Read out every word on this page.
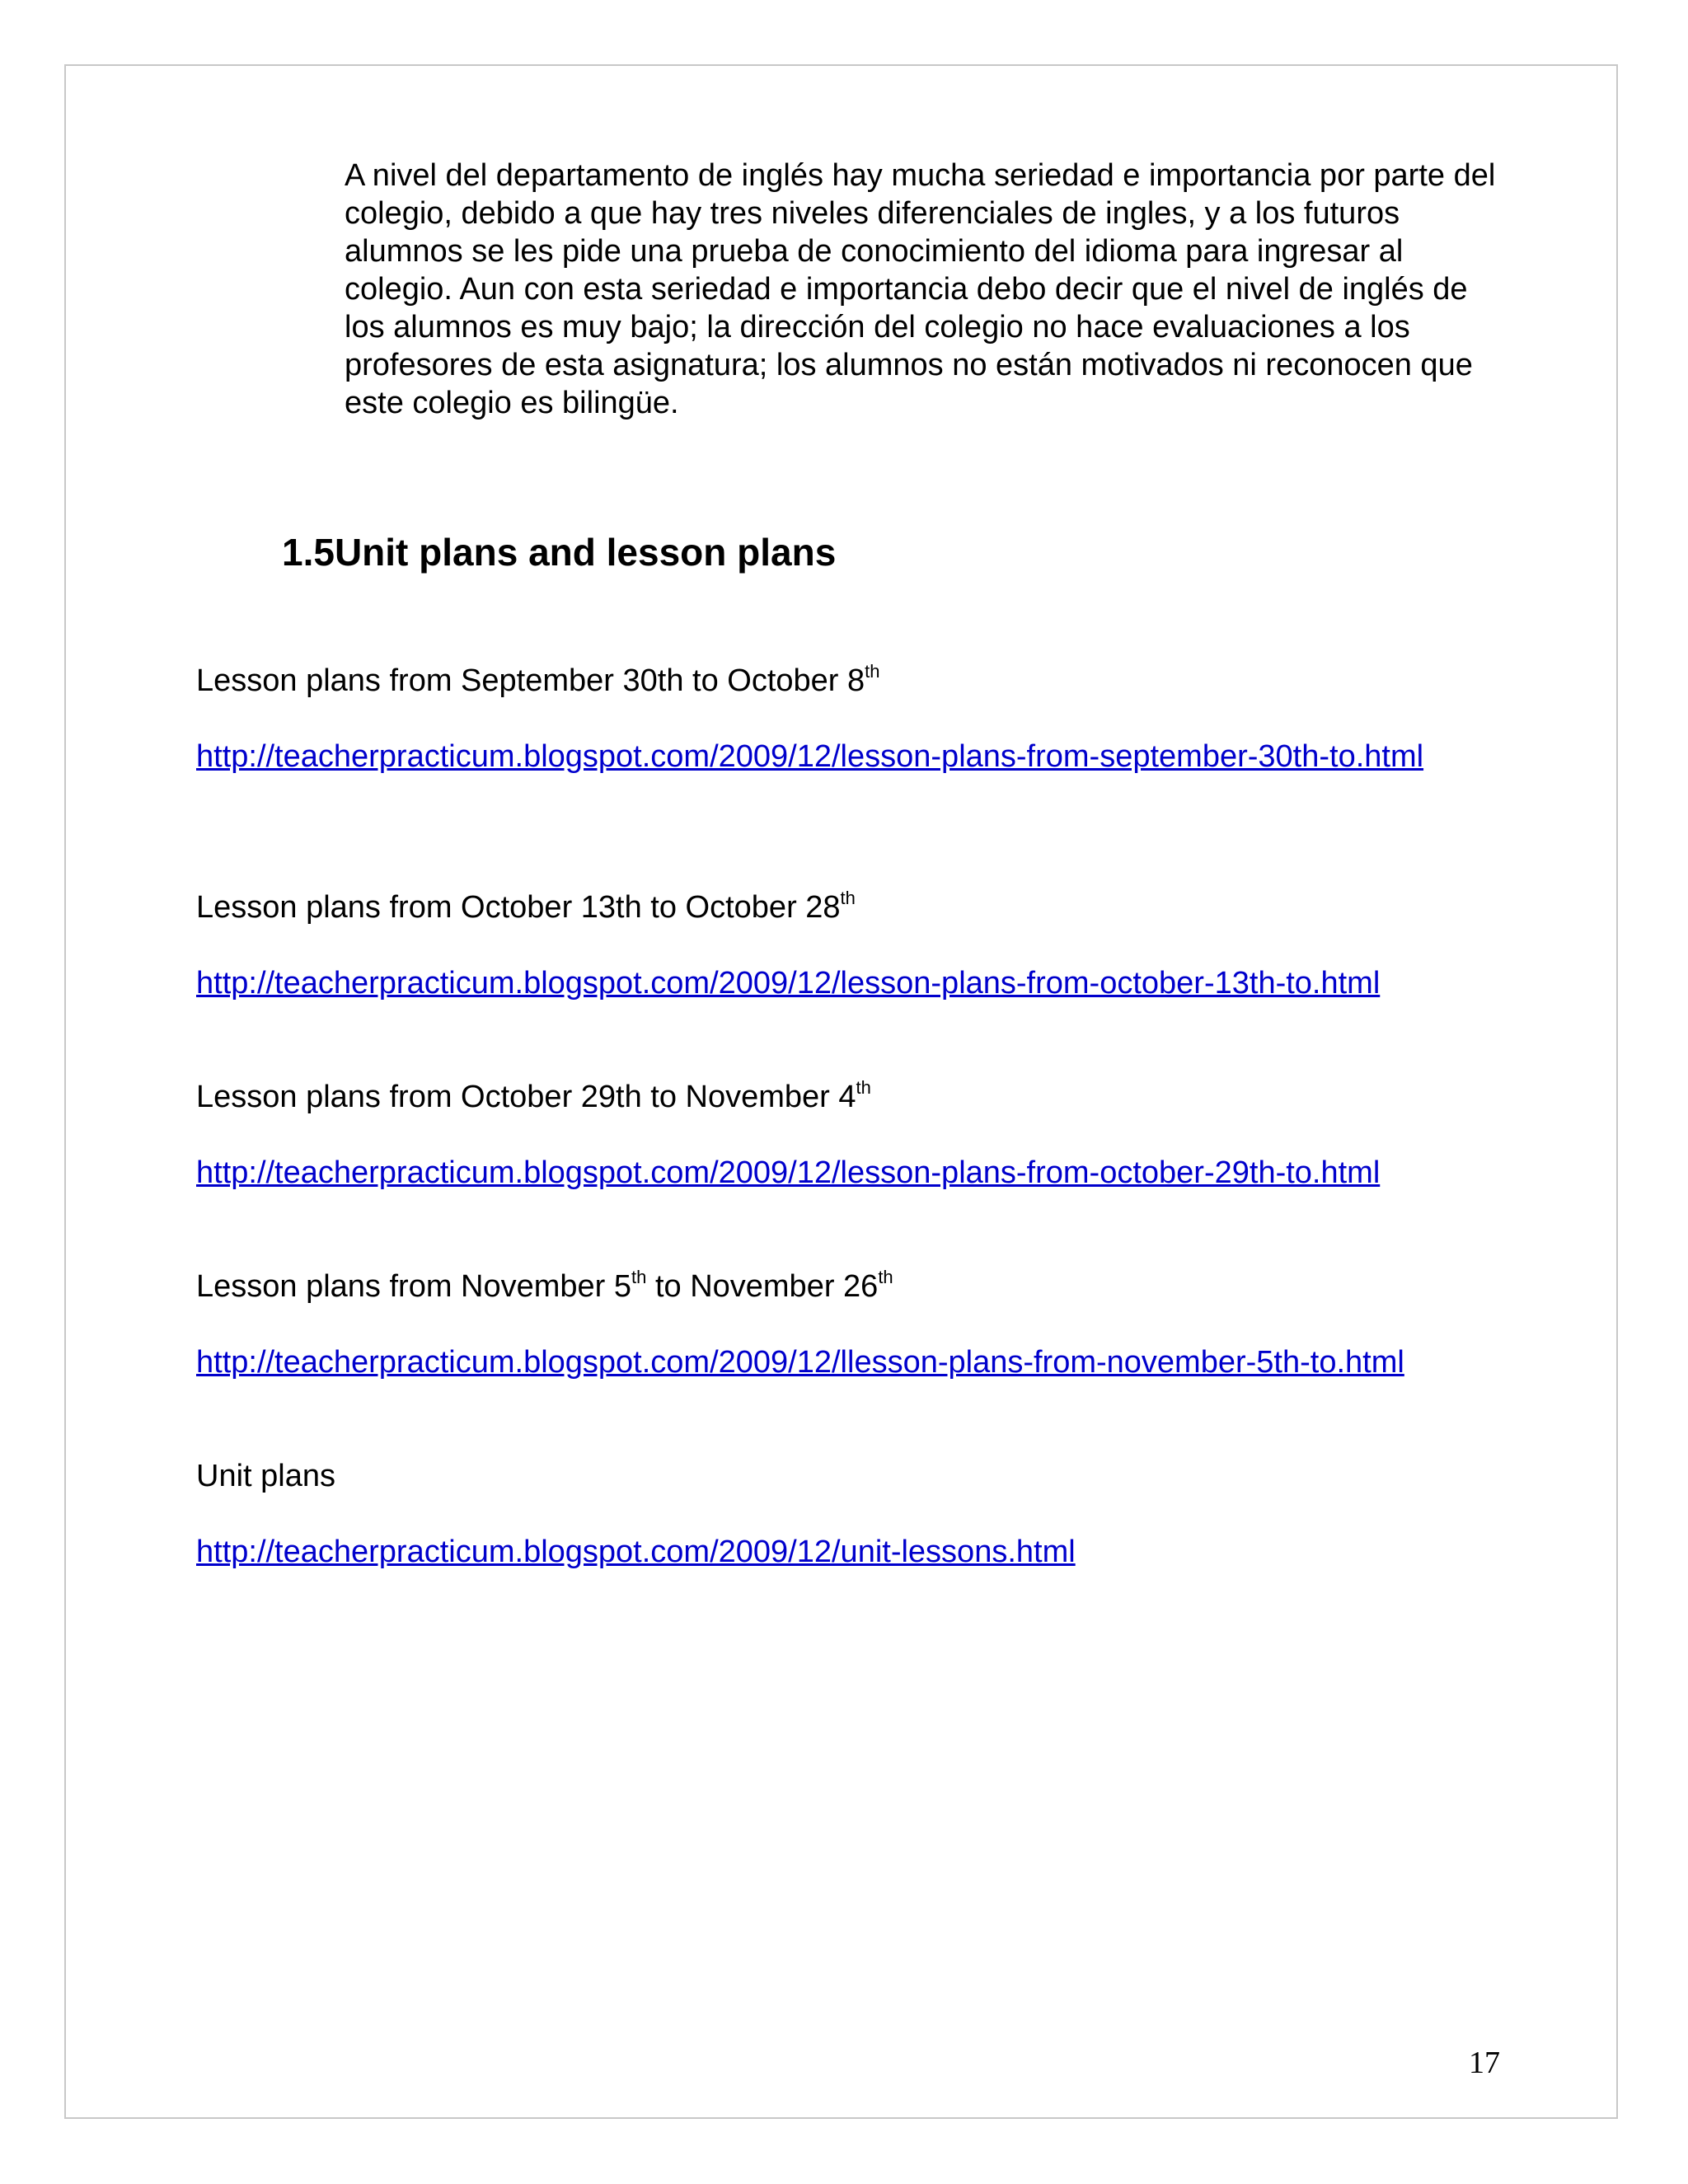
A nivel del departamento de inglés hay mucha seriedad e importancia por parte del colegio, debido a que hay tres niveles diferenciales de ingles, y a los futuros alumnos se les pide una prueba de conocimiento del idioma para ingresar al colegio. Aun con esta seriedad e importancia debo decir que el nivel de inglés de los alumnos es muy bajo; la dirección del colegio no hace evaluaciones a los profesores de esta asignatura; los alumnos no están motivados ni reconocen que este colegio es bilingüe.

1.5Unit plans and lesson plans

Lesson plans from September 30th to October 8th

http://teacherpracticum.blogspot.com/2009/12/lesson-plans-from-september-30th-to.html

Lesson plans from October 13th to October 28th

http://teacherpracticum.blogspot.com/2009/12/lesson-plans-from-october-13th-to.html

Lesson plans from October 29th to November 4th

http://teacherpracticum.blogspot.com/2009/12/lesson-plans-from-october-29th-to.html

Lesson plans from November 5th to November 26th

http://teacherpracticum.blogspot.com/2009/12/llesson-plans-from-november-5th-to.html

Unit plans

http://teacherpracticum.blogspot.com/2009/12/unit-lessons.html
17
